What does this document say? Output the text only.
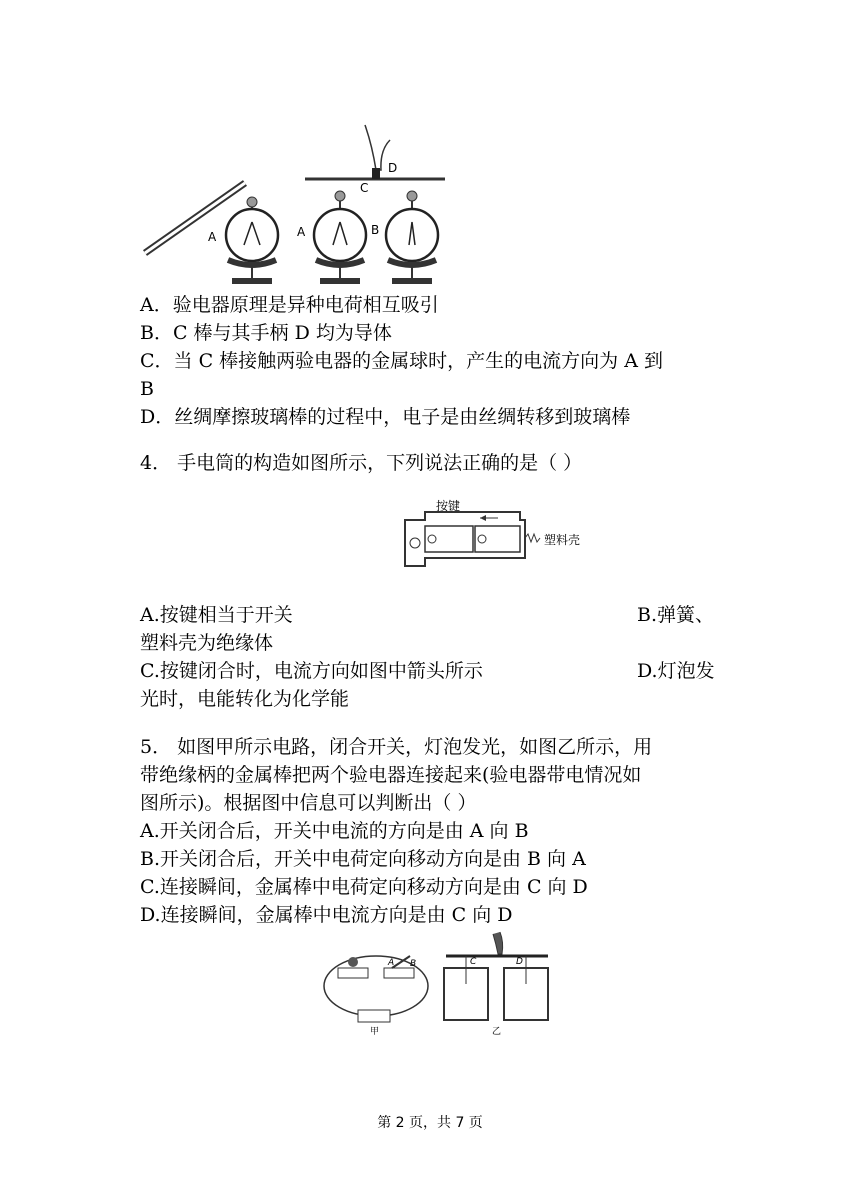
A
D
C
A	B
A．验电器原理是异种电荷相互吸引
B．C 棒与其手柄 D 均为导体
C．当 C 棒接触两验电器的金属球时，产生的电流方向为 A 到
B
D．丝绸摩擦玻璃棒的过程中，电子是由丝绸转移到玻璃棒
4． 手电筒的构造如图所示，下列说法正确的是（ ）
按键
塑料壳
A.按键相当于开关	B.弹簧、
塑料壳为绝缘体
C.按键闭合时，电流方向如图中箭头所示	D.灯泡发
光时，电能转化为化学能
5． 如图甲所示电路，闭合开关，灯泡发光，如图乙所示，用
带绝缘柄的金属棒把两个验电器连接起来(验电器带电情况如
图所示)。根据图中信息可以判断出（ ）
A.开关闭合后，开关中电流的方向是由 A 向 B
B.开关闭合后，开关中电荷定向移动方向是由 B 向 A
C.连接瞬间，金属棒中电荷定向移动方向是由 C 向 D
D.连接瞬间，金属棒中电流方向是由 C 向 D
A B
甲
C	D
乙
第 2 页，共 7 页
